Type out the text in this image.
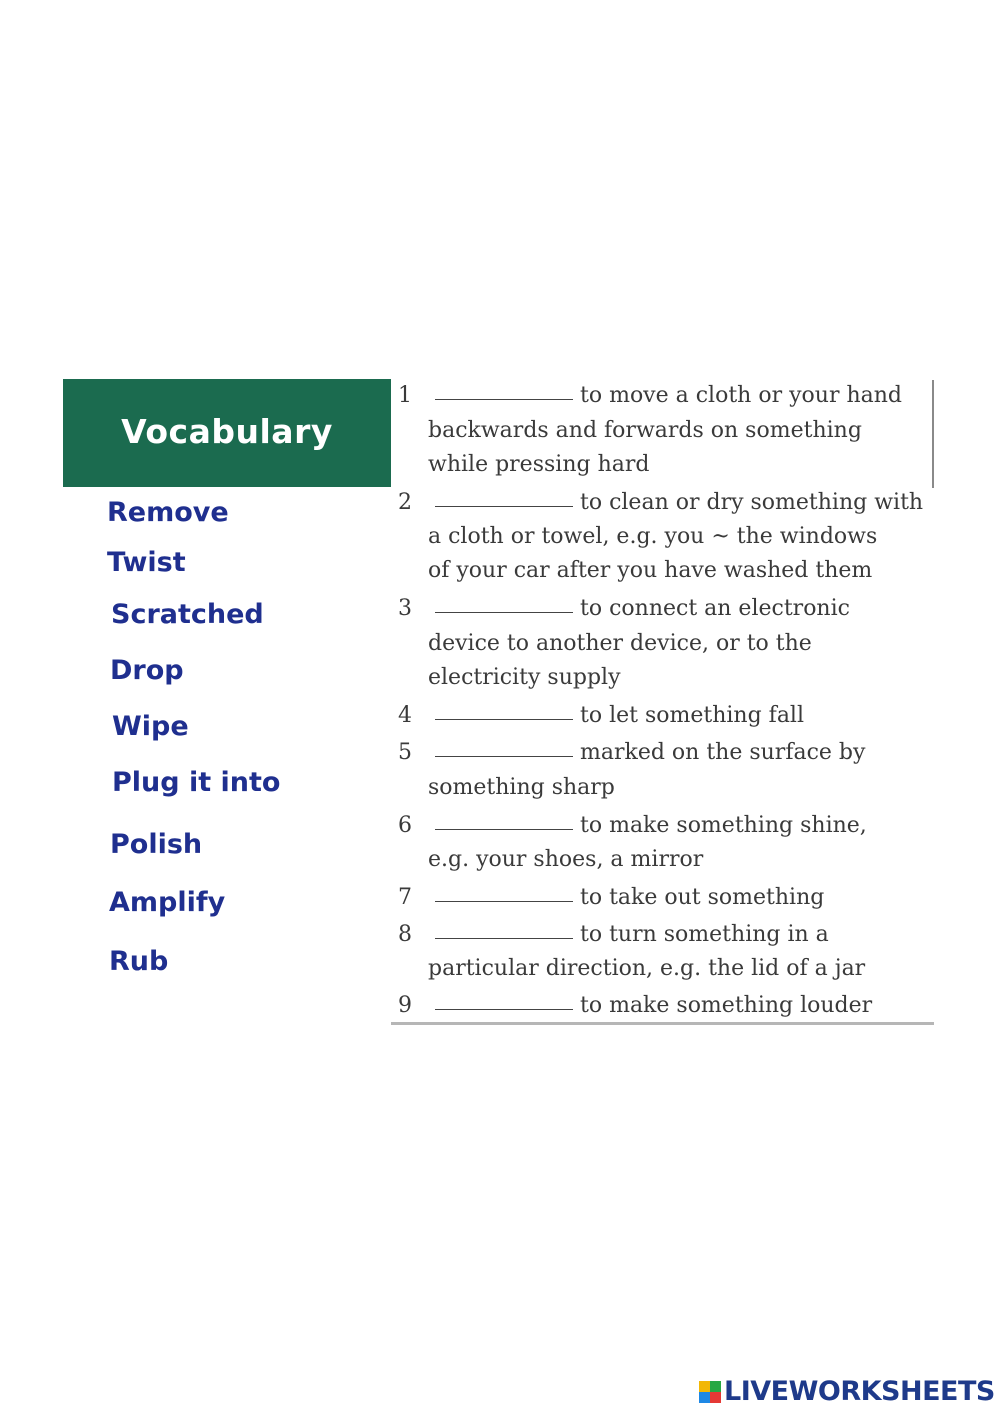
Vocabulary
Remove
Twist
Scratched
Drop
Wipe
Plug it into
Polish
Amplify
Rub
1	to move a cloth or your hand
backwards and forwards on something
while pressing hard
2	to clean or dry something with
a cloth or towel, e.g. you ~ the windows
of your car after you have washed them
3	to connect an electronic
device to another device, or to the
electricity supply
4	to let something fall
5	marked on the surface by
something sharp
6	to make something shine,
e.g. your shoes, a mirror
7	to take out something
8	to turn something in a
particular direction, e.g. the lid of a jar
9	to make something louder
LIVEWORKSHEETS
